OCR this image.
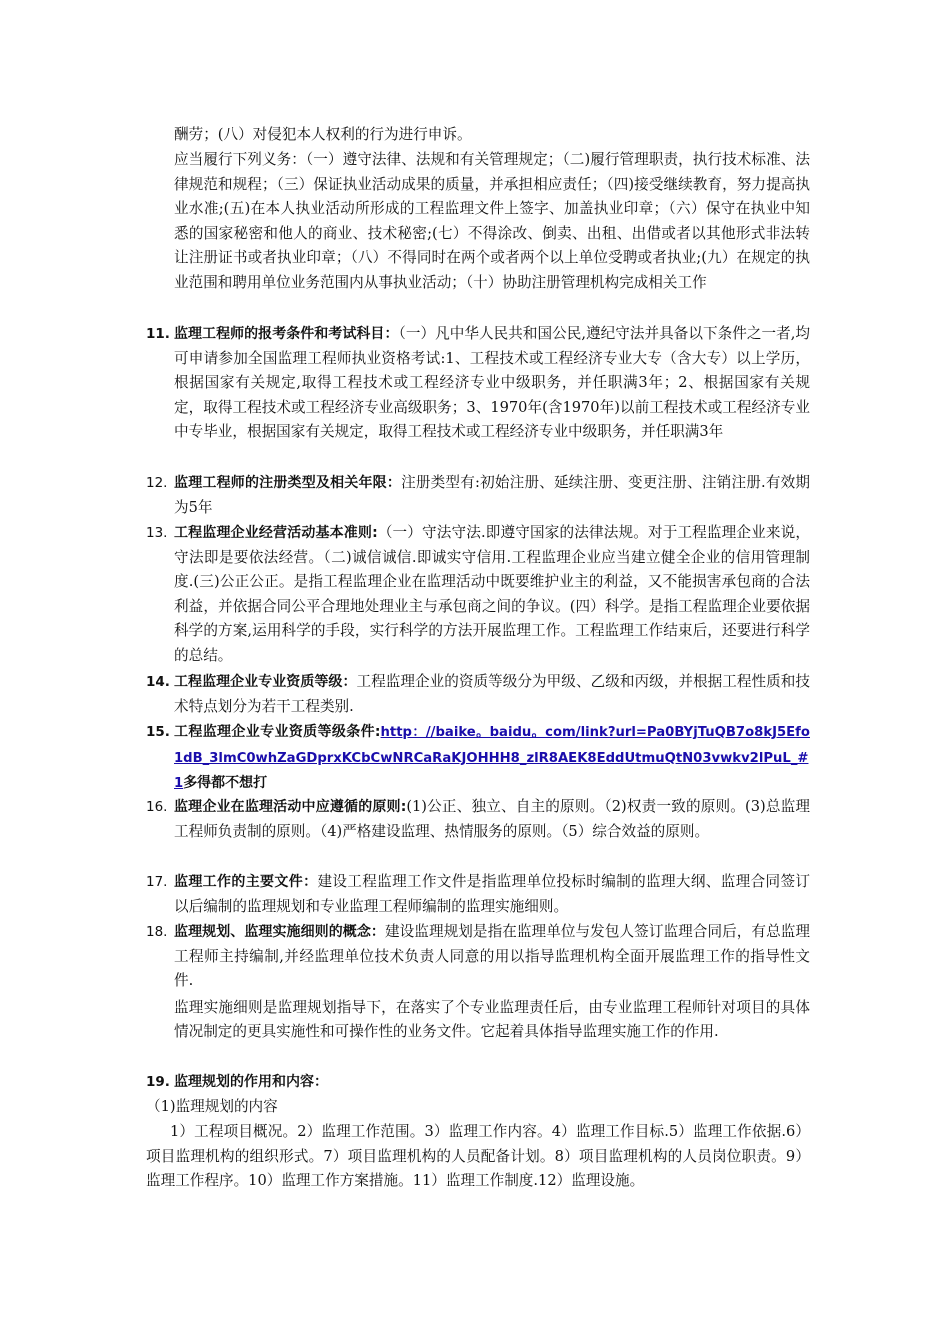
酬劳；(八）对侵犯本人权利的行为进行申诉。
应当履行下列义务：（一）遵守法律、法规和有关管理规定；（二)履行管理职责，执行技术标准、法律规范和规程；（三）保证执业活动成果的质量，并承担相应责任；（四)接受继续教育，努力提高执业水准;(五)在本人执业活动所形成的工程监理文件上签字、加盖执业印章；（六）保守在执业中知悉的国家秘密和他人的商业、技术秘密;(七）不得涂改、倒卖、出租、出借或者以其他形式非法转让注册证书或者执业印章；（八）不得同时在两个或者两个以上单位受聘或者执业;(九）在规定的执业范围和聘用单位业务范围内从事执业活动；（十）协助注册管理机构完成相关工作
11. 监理工程师的报考条件和考试科目：（一）凡中华人民共和国公民,遵纪守法并具备以下条件之一者,均可申请参加全国监理工程师执业资格考试:1、工程技术或工程经济专业大专（含大专）以上学历，根据国家有关规定,取得工程技术或工程经济专业中级职务，并任职满3年；2、根据国家有关规定，取得工程技术或工程经济专业高级职务；3、1970年(含1970年)以前工程技术或工程经济专业中专毕业，根据国家有关规定，取得工程技术或工程经济专业中级职务，并任职满3年
12. 监理工程师的注册类型及相关年限：注册类型有:初始注册、延续注册、变更注册、注销注册.有效期为5年
13. 工程监理企业经营活动基本准则:（一）守法守法.即遵守国家的法律法规。对于工程监理企业来说，守法即是要依法经营。（二)诚信诚信.即诚实守信用.工程监理企业应当建立健全企业的信用管理制度.(三)公正公正。是指工程监理企业在监理活动中既要维护业主的利益，又不能损害承包商的合法利益，并依据合同公平合理地处理业主与承包商之间的争议。(四）科学。是指工程监理企业要依据科学的方案,运用科学的手段，实行科学的方法开展监理工作。工程监理工作结束后，还要进行科学的总结。
14. 工程监理企业专业资质等级：工程监理企业的资质等级分为甲级、乙级和丙级，并根据工程性质和技术特点划分为若干工程类别.
15. 工程监理企业专业资质等级条件:http：//baike。baidu。com/link?url=Pa0BYjTuQB7o8kJ5Efo1dB_3lmC0whZaGDprxKCbCwNRCaRaKJOHHH8_zlR8AEK8EddUtmuQtN03vwkv2lPuL_#1多得都不想打
16. 监理企业在监理活动中应遵循的原则:(1)公正、独立、自主的原则。（2)权责一致的原则。(3)总监理工程师负责制的原则。（4)严格建设监理、热情服务的原则。（5）综合效益的原则。
17. 监理工作的主要文件：建设工程监理工作文件是指监理单位投标时编制的监理大纲、监理合同签订以后编制的监理规划和专业监理工程师编制的监理实施细则。
18. 监理规划、监理实施细则的概念：建设监理规划是指在监理单位与发包人签订监理合同后，有总监理工程师主持编制,并经监理单位技术负责人同意的用以指导监理机构全面开展监理工作的指导性文件.
监理实施细则是监理规划指导下，在落实了个专业监理责任后，由专业监理工程师针对项目的具体情况制定的更具实施性和可操作性的业务文件。它起着具体指导监理实施工作的作用.
19. 监理规划的作用和内容：
（1)监理规划的内容
1）工程项目概况。2）监理工作范围。3）监理工作内容。4）监理工作目标.5）监理工作依据.6）项目监理机构的组织形式。7）项目监理机构的人员配备计划。8）项目监理机构的人员岗位职责。9）监理工作程序。10）监理工作方案措施。11）监理工作制度.12）监理设施。
